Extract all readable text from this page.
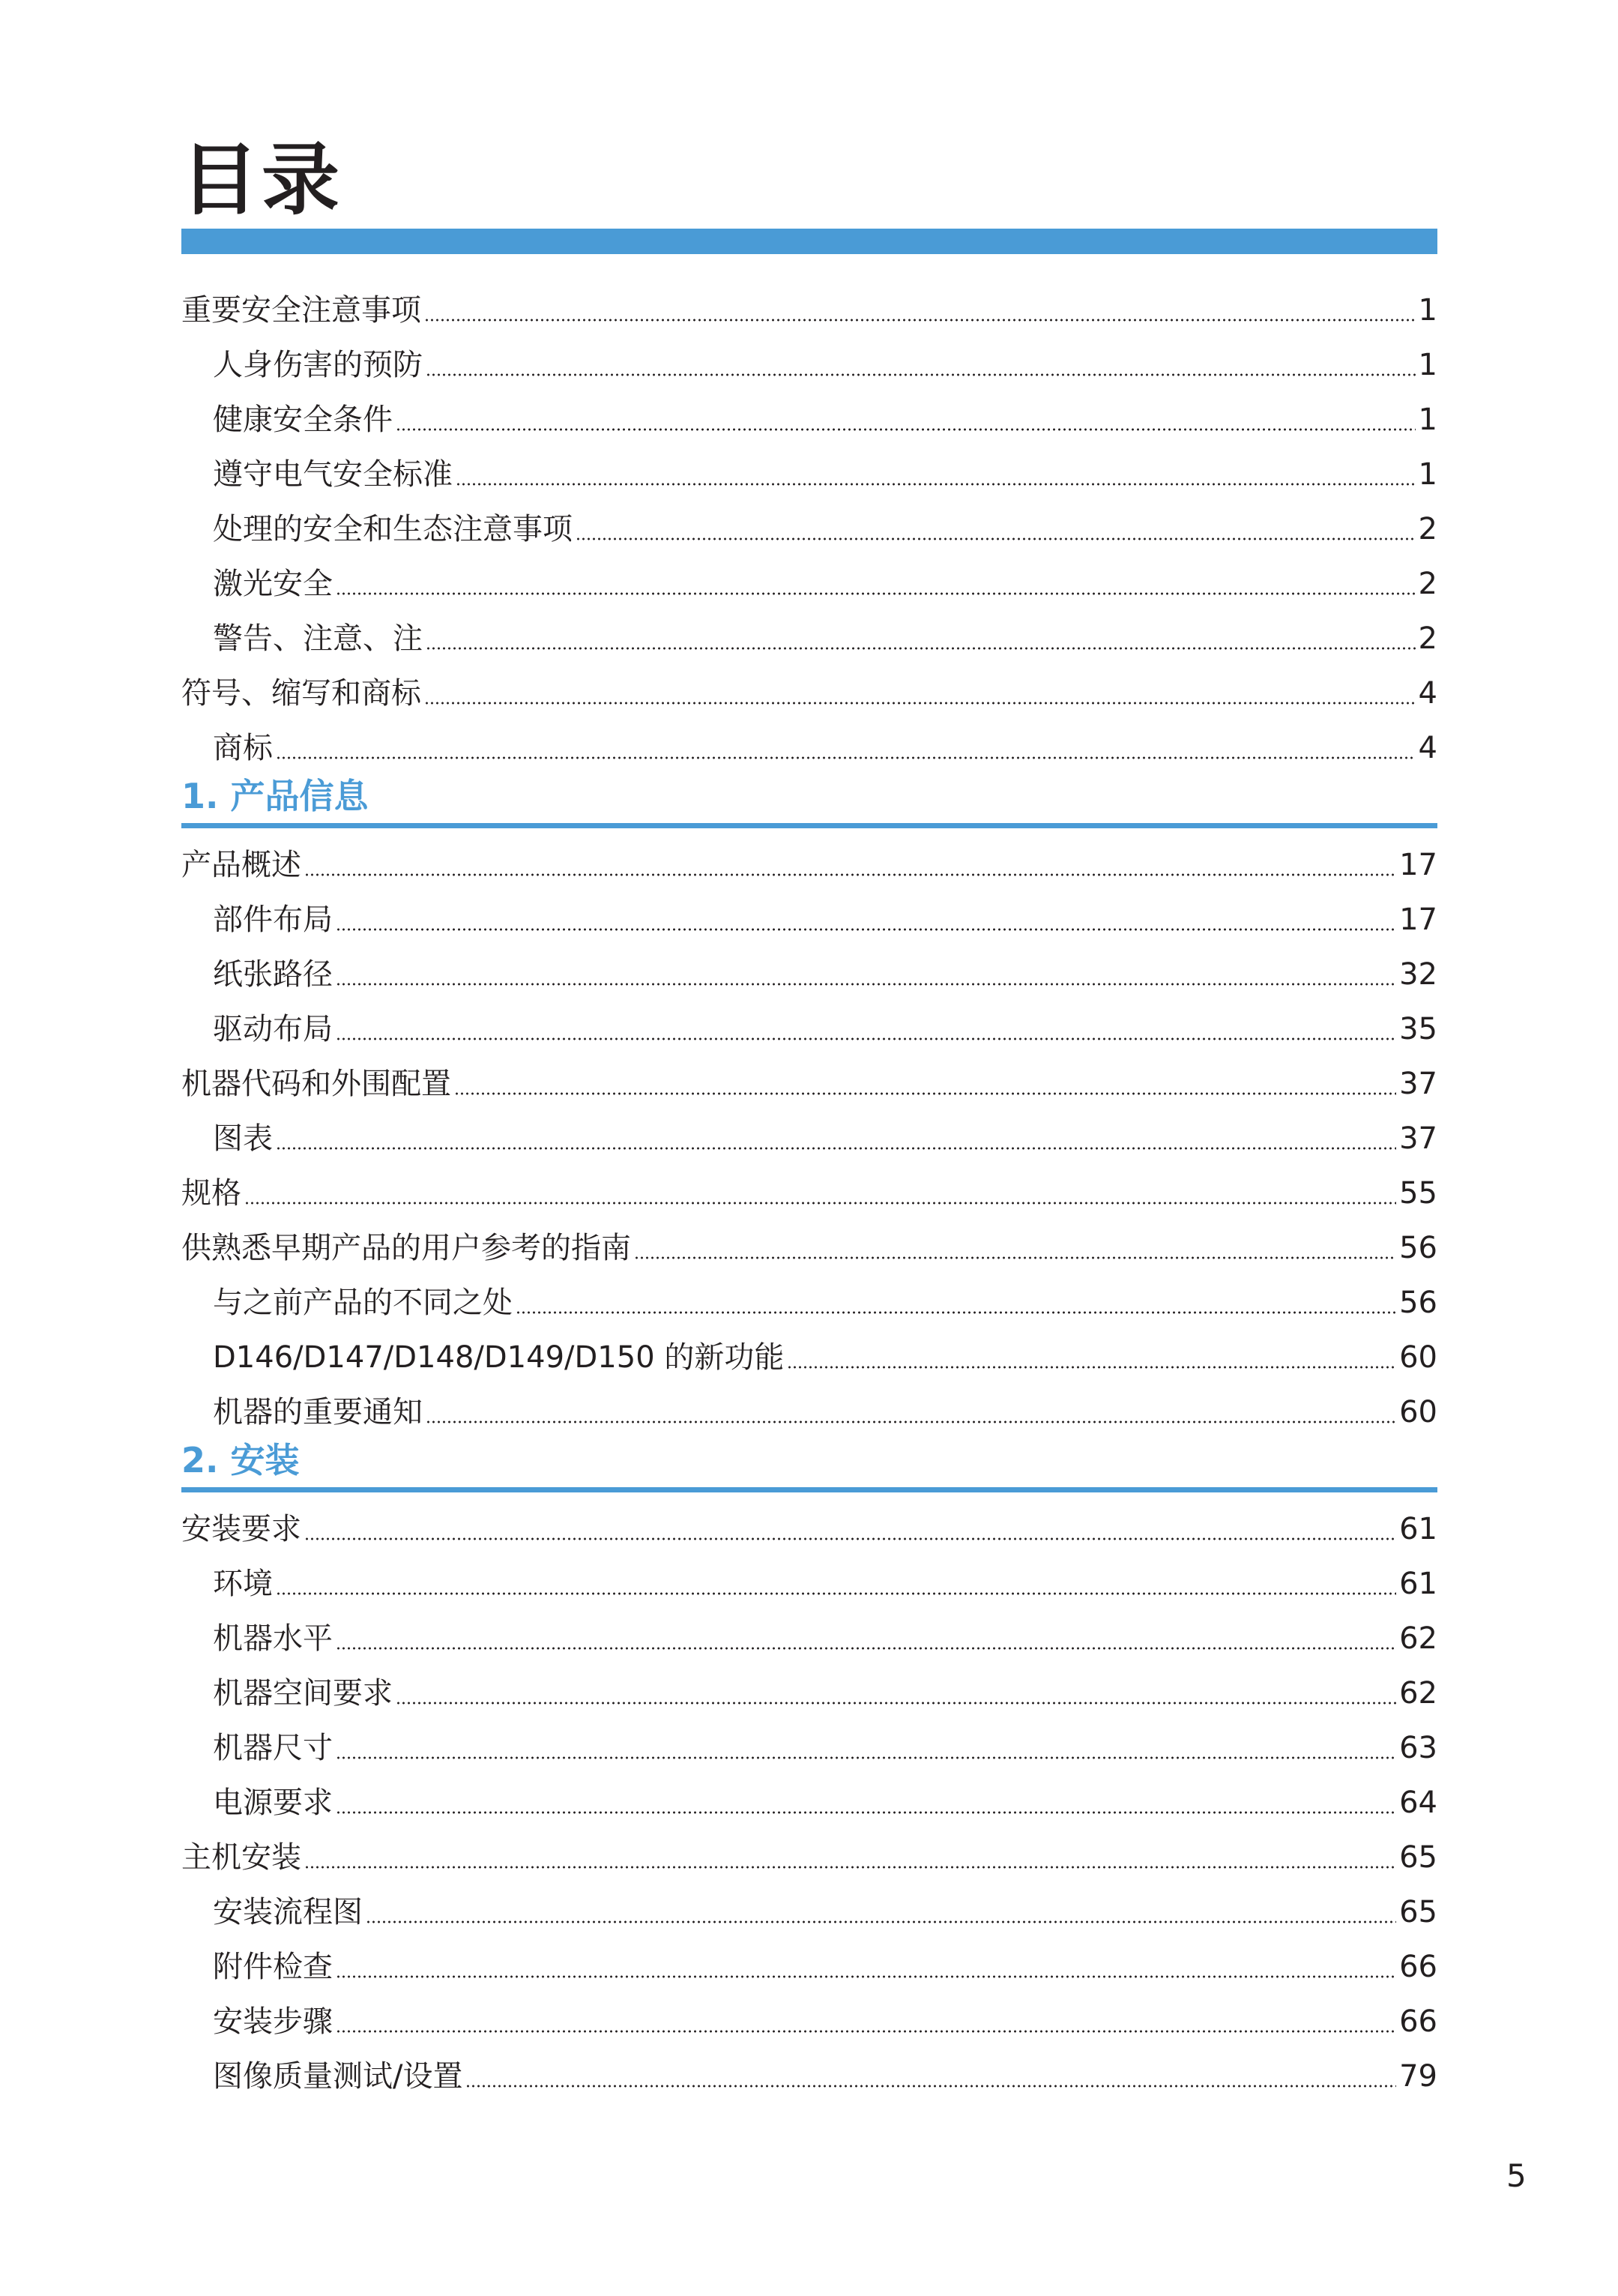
目录
重要安全注意事项	1
人身伤害的预防	1
健康安全条件	1
遵守电气安全标准	1
处理的安全和生态注意事项	2
激光安全	2
警告、注意、注	2
符号、缩写和商标	4
商标	4
1. 产品信息
产品概述	17
部件布局	17
纸张路径	32
驱动布局	35
机器代码和外围配置	37
图表	37
规格	55
供熟悉早期产品的用户参考的指南	56
与之前产品的不同之处	56
D146/D147/D148/D149/D150 的新功能	60
机器的重要通知	60
2. 安装
安装要求	61
环境	61
机器水平	62
机器空间要求	62
机器尺寸	63
电源要求	64
主机安装	65
安装流程图	65
附件检查	66
安装步骤	66
图像质量测试/设置	79
5
